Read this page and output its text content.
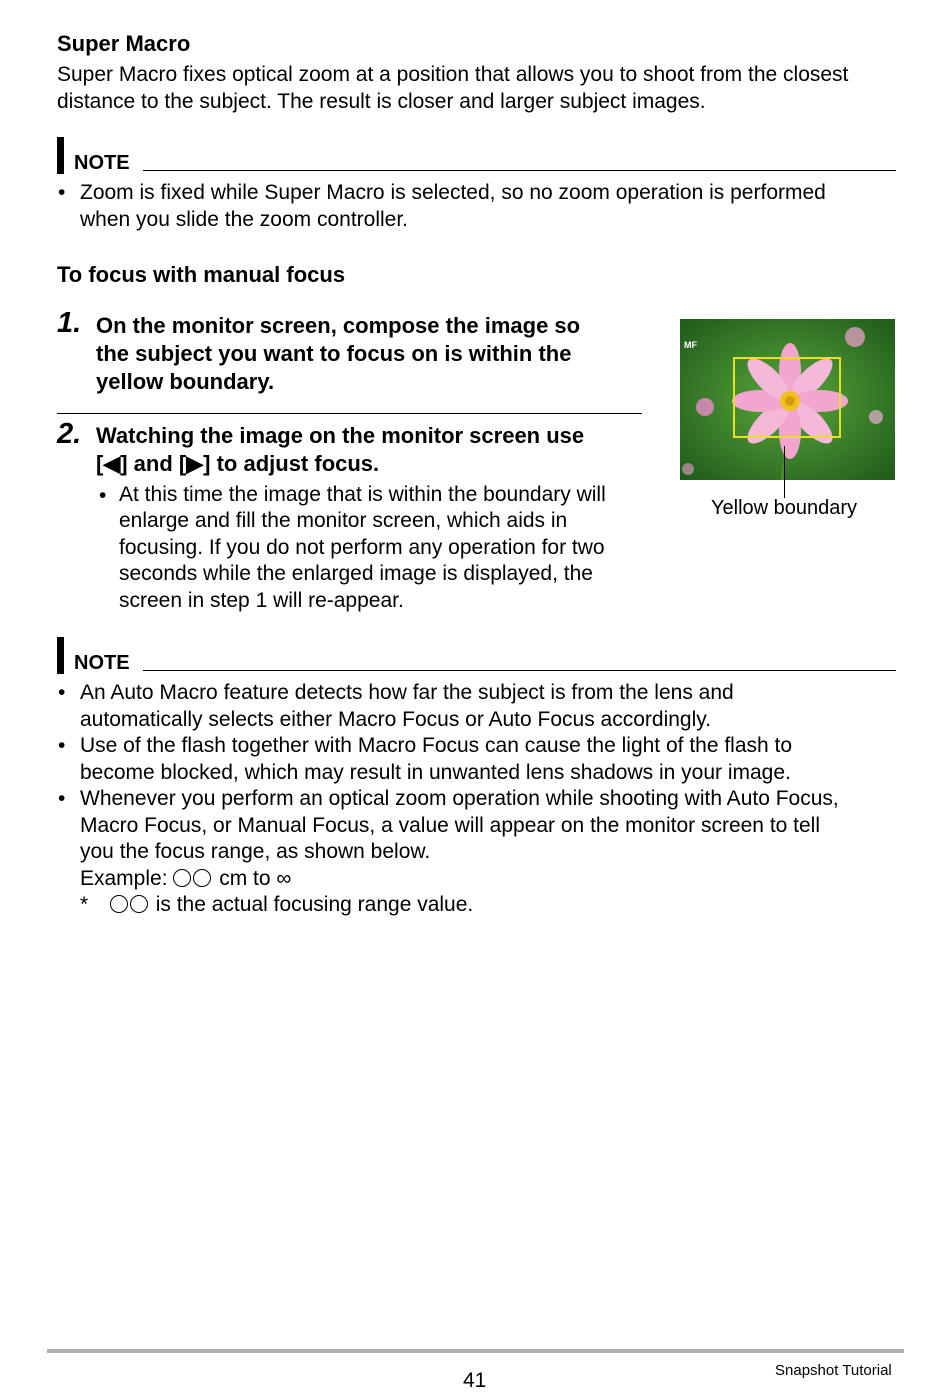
Super Macro
Super Macro fixes optical zoom at a position that allows you to shoot from the closest
distance to the subject. The result is closer and larger subject images.
NOTE
• Zoom is fixed while Super Macro is selected, so no zoom operation is performed
when you slide the zoom controller.
To focus with manual focus
1. On the monitor screen, compose the image so
the subject you want to focus on is within the
yellow boundary.
2. Watching the image on the monitor screen use
[◀] and [▶] to adjust focus.
• At this time the image that is within the boundary will
enlarge and fill the monitor screen, which aids in
focusing. If you do not perform any operation for two
seconds while the enlarged image is displayed, the
screen in step 1 will re-appear.
MF
Yellow boundary
NOTE
• An Auto Macro feature detects how far the subject is from the lens and
automatically selects either Macro Focus or Auto Focus accordingly.
• Use of the flash together with Macro Focus can cause the light of the flash to
become blocked, which may result in unwanted lens shadows in your image.
• Whenever you perform an optical zoom operation while shooting with Auto Focus,
Macro Focus, or Manual Focus, a value will appear on the monitor screen to tell
you the focus range, as shown below.
Example: cm to ∞
*	is the actual focusing range value.
41	Snapshot Tutorial
